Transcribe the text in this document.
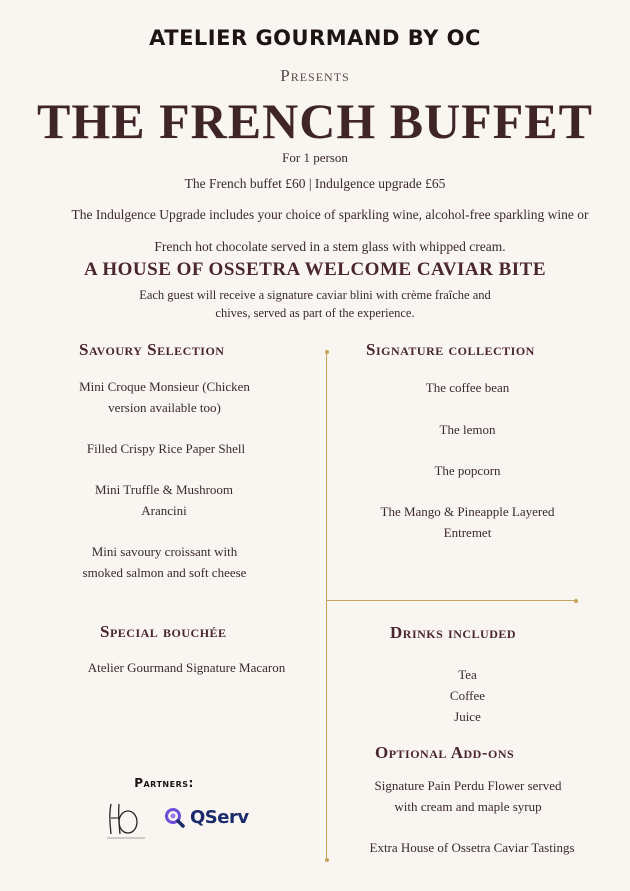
ATELIER GOURMAND BY OC
Presents
THE FRENCH BUFFET
For 1 person
The French buffet £60 | Indulgence upgrade £65
The Indulgence Upgrade includes your choice of sparkling wine, alcohol-free sparkling wine or French hot chocolate served in a stem glass with whipped cream.
A HOUSE OF OSSETRA WELCOME CAVIAR BITE
Each guest will receive a signature caviar blini with crème fraîche and chives, served as part of the experience.
Savoury Selection
Mini Croque Monsieur (Chicken version available too)
Filled Crispy Rice Paper Shell
Mini Truffle & Mushroom Arancini
Mini savoury croissant with smoked salmon and soft cheese
Signature collection
The coffee bean
The lemon
The popcorn
The Mango & Pineapple Layered Entremet
Special bouchée
Atelier Gourmand Signature Macaron
Drinks included
Tea
Coffee
Juice
Optional Add-ons
Signature Pain Perdu Flower served with cream and maple syrup
Extra House of Ossetra Caviar Tastings
Partners:
QServ
